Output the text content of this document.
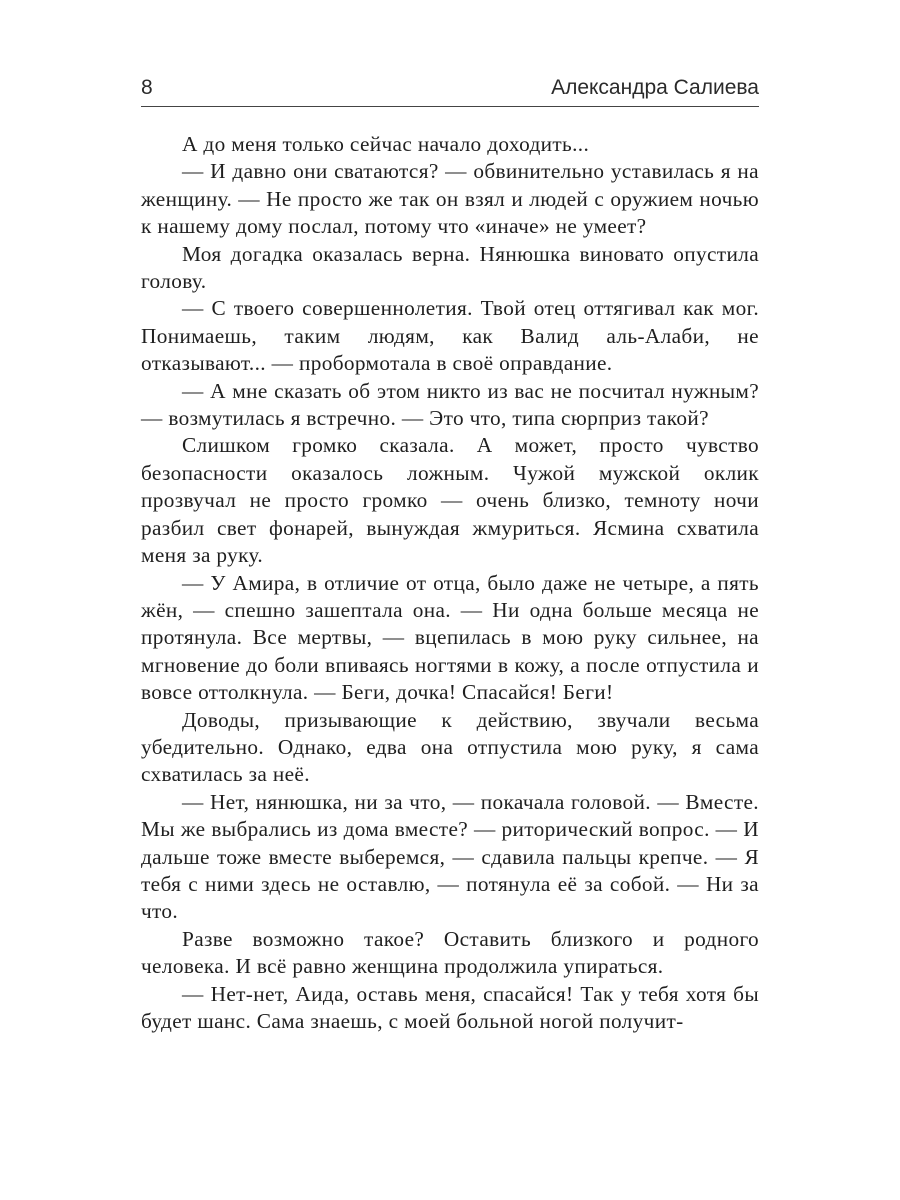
8	Александра Салиева

А до меня только сейчас начало доходить...

— И давно они сватаются? — обвинительно уставилась я на женщину. — Не просто же так он взял и людей с оружием ночью к нашему дому послал, потому что «иначе» не умеет?

Моя догадка оказалась верна. Нянюшка виновато опустила голову.

— С твоего совершеннолетия. Твой отец оттягивал как мог. Понимаешь, таким людям, как Валид аль-Алаби, не отказывают... — пробормотала в своё оправдание.

— А мне сказать об этом никто из вас не посчитал нужным? — возмутилась я встречно. — Это что, типа сюрприз такой?

Слишком громко сказала. А может, просто чувство безопасности оказалось ложным. Чужой мужской оклик прозвучал не просто громко — очень близко, темноту ночи разбил свет фонарей, вынуждая жмуриться. Ясмина схватила меня за руку.

— У Амира, в отличие от отца, было даже не четыре, а пять жён, — спешно зашептала она. — Ни одна больше месяца не протянула. Все мертвы, — вцепилась в мою руку сильнее, на мгновение до боли впиваясь ногтями в кожу, а после отпустила и вовсе оттолкнула. — Беги, дочка! Спасайся! Беги!

Доводы, призывающие к действию, звучали весьма убедительно. Однако, едва она отпустила мою руку, я сама схватилась за неё.

— Нет, нянюшка, ни за что, — покачала головой. — Вместе. Мы же выбрались из дома вместе? — риторический вопрос. — И дальше тоже вместе выберемся, — сдавила пальцы крепче. — Я тебя с ними здесь не оставлю, — потянула её за собой. — Ни за что.

Разве возможно такое? Оставить близкого и родного человека. И всё равно женщина продолжила упираться.

— Нет-нет, Аида, оставь меня, спасайся! Так у тебя хотя бы будет шанс. Сама знаешь, с моей больной ногой получит-
